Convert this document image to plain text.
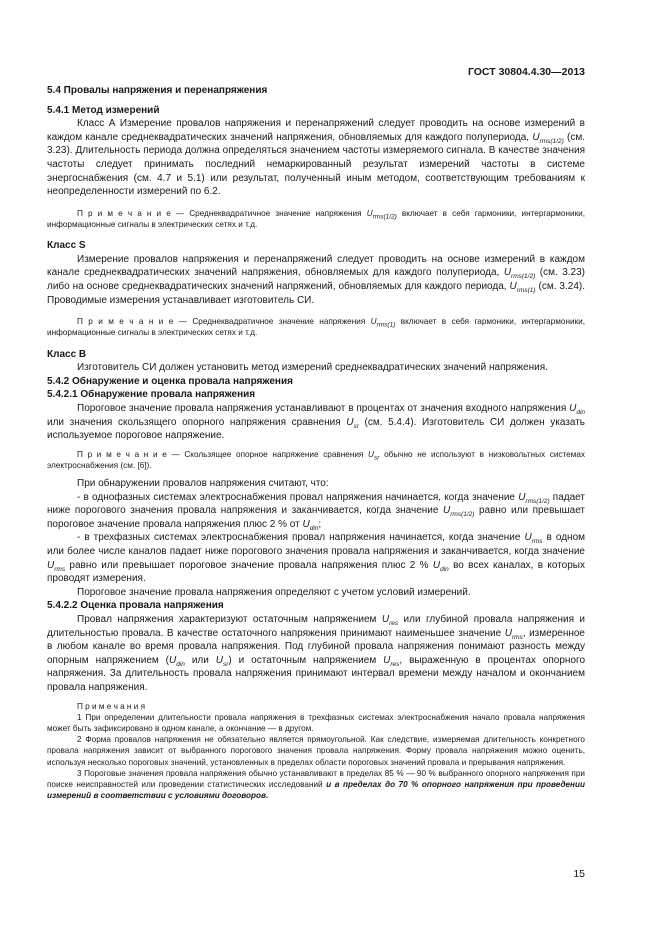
ГОСТ 30804.4.30—2013

5.4 Провалы напряжения и перенапряжения

5.4.1 Метод измерений

Класс А Измерение провалов напряжения и перенапряжений следует проводить на основе измерений в каждом канале среднеквадратических значений напряжения, обновляемых для каждого полупериода, $U_{rms(1/2)}$ (см. 3.23). Длительность периода должна определяться значением частоты измеряемого сигнала. В качестве значения частоты следует принимать последний немаркированный результат измерений частоты в системе энергоснабжения (см. 4.7 и 5.1) или результат, полученный иным методом, соответствующим требованиям к неопределенности измерений по 6.2.

П р и м е ч а н и е — Среднеквадратичное значение напряжения $U_{rms(1/2)}$ включает в себя гармоники, интергармоники, информационные сигналы в электрических сетях и т.д.

Класс S

Измерение провалов напряжения и перенапряжений следует проводить на основе измерений в каждом канале среднеквадратических значений напряжения, обновляемых для каждого полупериода, $U_{rms(1/2)}$ (см. 3.23) либо на основе среднеквадратических значений напряжений, обновляемых для каждого периода, $U_{rms(1)}$ (см. 3.24). Проводимые измерения устанавливает изготовитель СИ.

П р и м е ч а н и е — Среднеквадратичное значение напряжения $U_{rms(1)}$ включает в себя гармоники, интергармоники, информационные сигналы в электрических сетях и т.д.

Класс В

Изготовитель СИ должен установить метод измерений среднеквадратических значений напряжения.

5.4.2 Обнаружение и оценка провала напряжения

5.4.2.1 Обнаружение провала напряжения

Пороговое значение провала напряжения устанавливают в процентах от значения входного напряжения $U_{din}$ или значения скользящего опорного напряжения сравнения $U_{sr}$ (см. 5.4.4). Изготовитель СИ должен указать используемое пороговое напряжение.

П р и м е ч а н и е — Скользящее опорное напряжение сравнения $U_{sr}$ обычно не используют в низковольтных системах электроснабжения (см. [6]).

При обнаружении провалов напряжения считают, что:

- в однофазных системах электроснабжения провал напряжения начинается, когда значение $U_{rms(1/2)}$ падает ниже порогового значения провала напряжения и заканчивается, когда значение $U_{rms(1/2)}$ равно или превышает пороговое значение провала напряжения плюс 2 % от $U_{din}$;

- в трехфазных системах электроснабжения провал напряжения начинается, когда значение $U_{rms}$ в одном или более числе каналов падает ниже порогового значения провала напряжения и заканчивается, когда значение $U_{rms}$ равно или превышает пороговое значение провала напряжения плюс 2 % $U_{din}$ во всех каналах, в которых проводят измерения.

Пороговое значение провала напряжения определяют с учетом условий измерений.

5.4.2.2 Оценка провала напряжения

Провал напряжения характеризуют остаточным напряжением $U_{res}$ или глубиной провала напряжения и длительностью провала. В качестве остаточного напряжения принимают наименьшее значение $U_{rms}$, измеренное в любом канале во время провала напряжения. Под глубиной провала напряжения понимают разность между опорным напряжением ($U_{din}$ или $U_{sr}$) и остаточным напряжением $U_{res}$, выраженную в процентах опорного напряжения. За длительность провала напряжения принимают интервал времени между началом и окончанием провала напряжения.

П р и м е ч а н и я

1 При определении длительности провала напряжения в трехфазных системах электроснабжения начало провала напряжения может быть зафиксировано в одном канале, а окончание — в другом.

2 Форма провалов напряжения не обязательно является прямоугольной. Как следствие, измеряемая длительность конкретного провала напряжения зависит от выбранного порогового значения провала напряжения. Форму провала напряжения можно оценить, используя несколько пороговых значений, установленных в пределах области пороговых значений провала и прерывания напряжения.

3 Пороговые значения провала напряжения обычно устанавливают в пределах 85 % — 90 % выбранного опорного напряжения при поиске неисправностей или проведении статистических исследований и в пределах до 70 % опорного напряжения при проведении измерений в соответствии с условиями договоров.

15
